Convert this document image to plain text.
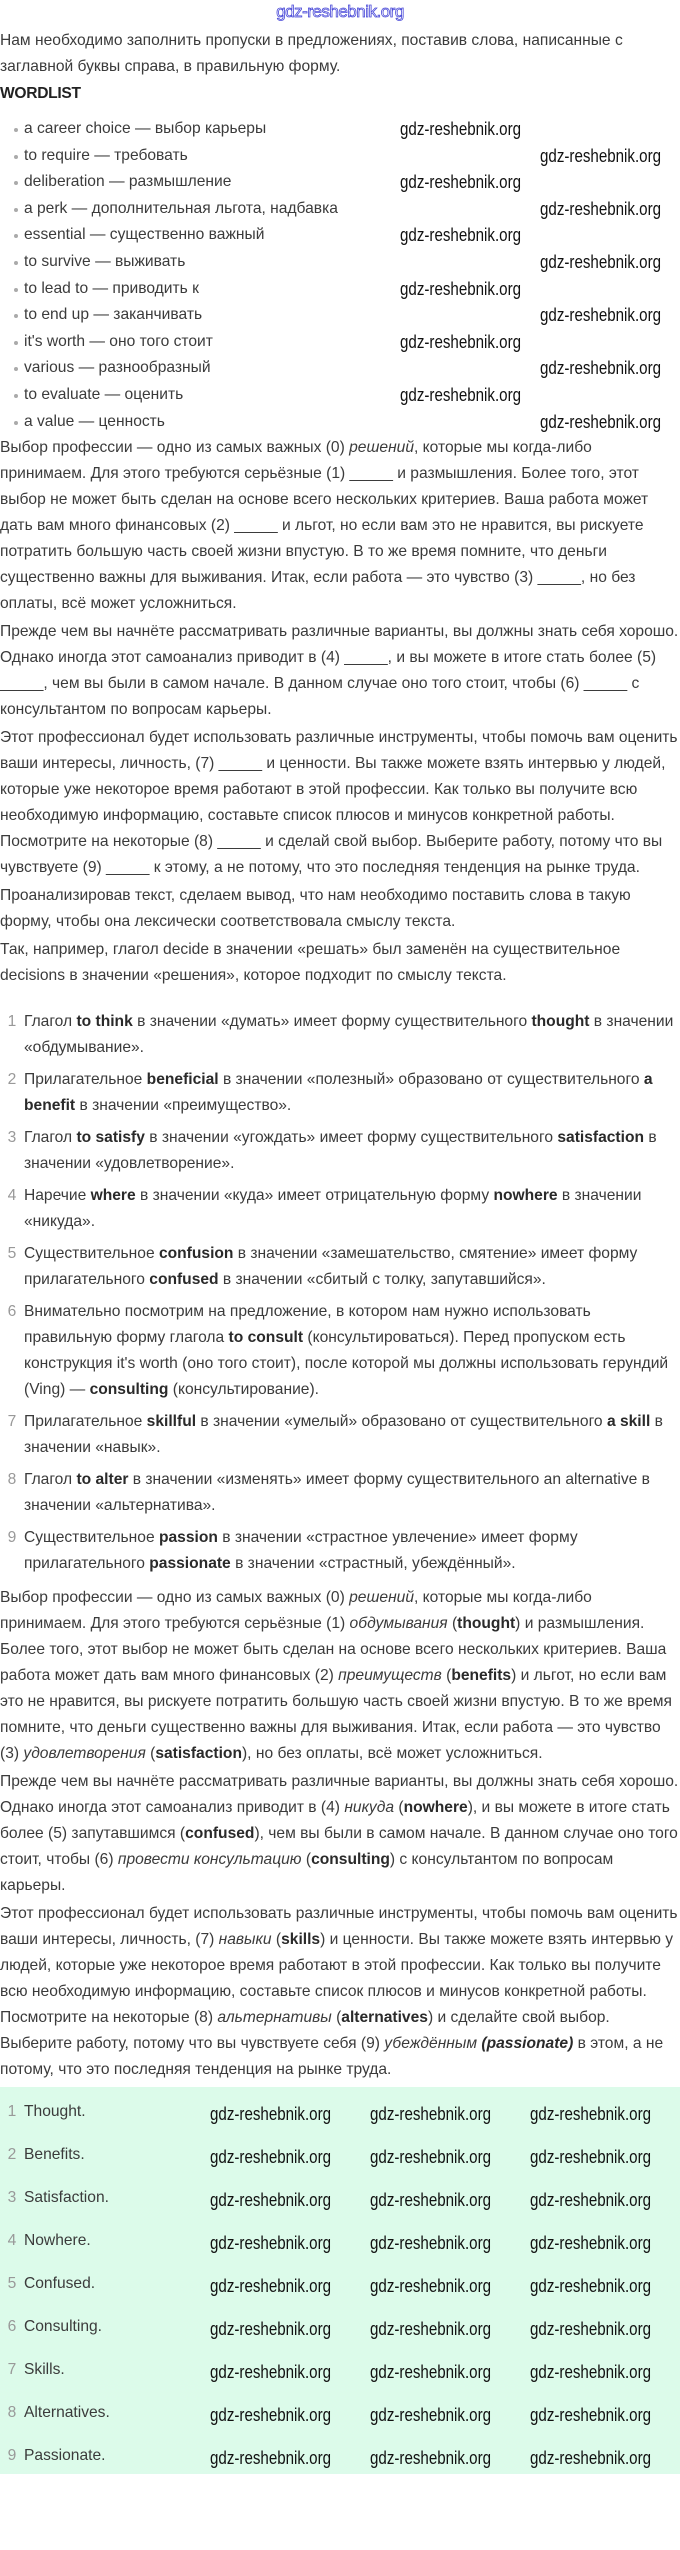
gdz-reshebnik.org

Нам необходимо заполнить пропуски в предложениях, поставив слова, написанные с заглавной буквы справа, в правильную форму.

WORDLIST
a career choice — выбор карьеры
to require — требовать
deliberation — размышление
a perk — дополнительная льгота, надбавка
essential — существенно важный
to survive — выживать
to lead to — приводить к
to end up — заканчивать
it's worth — оно того стоит
various — разнообразный
to evaluate — оценить
a value — ценность
gdz-reshebnik.org
gdz-reshebnik.org
gdz-reshebnik.org
gdz-reshebnik.org
gdz-reshebnik.org
gdz-reshebnik.org
gdz-reshebnik.org
gdz-reshebnik.org
gdz-reshebnik.org
gdz-reshebnik.org
gdz-reshebnik.org
gdz-reshebnik.org

Выбор профессии — одно из самых важных (0) решений, которые мы когда-либо принимаем. Для этого требуются серьёзные (1) _____ и размышления. Более того, этот выбор не может быть сделан на основе всего нескольких критериев. Ваша работа может дать вам много финансовых (2) _____ и льгот, но если вам это не нравится, вы рискуете потратить большую часть своей жизни впустую. В то же время помните, что деньги существенно важны для выживания. Итак, если работа — это чувство (3) _____, но без оплаты, всё может усложниться.

Прежде чем вы начнёте рассматривать различные варианты, вы должны знать себя хорошо. Однако иногда этот самоанализ приводит в (4) _____, и вы можете в итоге стать более (5) _____, чем вы были в самом начале. В данном случае оно того стоит, чтобы (6) _____ с консультантом по вопросам карьеры.

Этот профессионал будет использовать различные инструменты, чтобы помочь вам оценить ваши интересы, личность, (7) _____ и ценности. Вы также можете взять интервью у людей, которые уже некоторое время работают в этой профессии. Как только вы получите всю необходимую информацию, составьте список плюсов и минусов конкретной работы. Посмотрите на некоторые (8) _____ и сделай свой выбор. Выберите работу, потому что вы чувствуете (9) _____ к этому, а не потому, что это последняя тенденция на рынке труда.

Проанализировав текст, сделаем вывод, что нам необходимо поставить слова в такую форму, чтобы она лексически соответствовала смыслу текста.

Так, например, глагол decide в значении «решать» был заменён на существительное decisions в значении «решения», которое подходит по смыслу текста.

1 Глагол to think в значении «думать» имеет форму существительного thought в значении «обдумывание».
2 Прилагательное beneficial в значении «полезный» образовано от существительного a benefit в значении «преимущество».
3 Глагол to satisfy в значении «угождать» имеет форму существительного satisfaction в значении «удовлетворение».
4 Наречие where в значении «куда» имеет отрицательную форму nowhere в значении «никуда».
5 Существительное confusion в значении «замешательство, смятение» имеет форму прилагательного confused в значении «сбитый с толку, запутавшийся».
6 Внимательно посмотрим на предложение, в котором нам нужно использовать правильную форму глагола to consult (консультироваться). Перед пропуском есть конструкция it's worth (оно того стоит), после которой мы должны использовать герундий (Ving) — consulting (консультирование).
7 Прилагательное skillful в значении «умелый» образовано от существительного a skill в значении «навык».
8 Глагол to alter в значении «изменять» имеет форму существительного an alternative в значении «альтернатива».
9 Существительное passion в значении «страстное увлечение» имеет форму прилагательного passionate в значении «страстный, убеждённый».

Выбор профессии — одно из самых важных (0) решений, которые мы когда-либо принимаем. Для этого требуются серьёзные (1) обдумывания (thought) и размышления. Более того, этот выбор не может быть сделан на основе всего нескольких критериев. Ваша работа может дать вам много финансовых (2) преимуществ (benefits) и льгот, но если вам это не нравится, вы рискуете потратить большую часть своей жизни впустую. В то же время помните, что деньги существенно важны для выживания. Итак, если работа — это чувство (3) удовлетворения (satisfaction), но без оплаты, всё может усложниться.

Прежде чем вы начнёте рассматривать различные варианты, вы должны знать себя хорошо. Однако иногда этот самоанализ приводит в (4) никуда (nowhere), и вы можете в итоге стать более (5) запутавшимся (confused), чем вы были в самом начале. В данном случае оно того стоит, чтобы (6) провести консультацию (consulting) с консультантом по вопросам карьеры.

Этот профессионал будет использовать различные инструменты, чтобы помочь вам оценить ваши интересы, личность, (7) навыки (skills) и ценности. Вы также можете взять интервью у людей, которые уже некоторое время работают в этой профессии. Как только вы получите всю необходимую информацию, составьте список плюсов и минусов конкретной работы. Посмотрите на некоторые (8) альтернативы (alternatives) и сделайте свой выбор. Выберите работу, потому что вы чувствуете себя (9) убеждённым (passionate) в этом, а не потому, что это последняя тенденция на рынке труда.

1 Thought.
2 Benefits.
3 Satisfaction.
4 Nowhere.
5 Confused.
6 Consulting.
7 Skills.
8 Alternatives.
9 Passionate.
gdz-reshebnik.org gdz-reshebnik.org gdz-reshebnik.org
gdz-reshebnik.org gdz-reshebnik.org gdz-reshebnik.org
gdz-reshebnik.org gdz-reshebnik.org gdz-reshebnik.org
gdz-reshebnik.org gdz-reshebnik.org gdz-reshebnik.org
gdz-reshebnik.org gdz-reshebnik.org gdz-reshebnik.org
gdz-reshebnik.org gdz-reshebnik.org gdz-reshebnik.org
gdz-reshebnik.org gdz-reshebnik.org gdz-reshebnik.org
gdz-reshebnik.org gdz-reshebnik.org gdz-reshebnik.org
gdz-reshebnik.org gdz-reshebnik.org gdz-reshebnik.org
